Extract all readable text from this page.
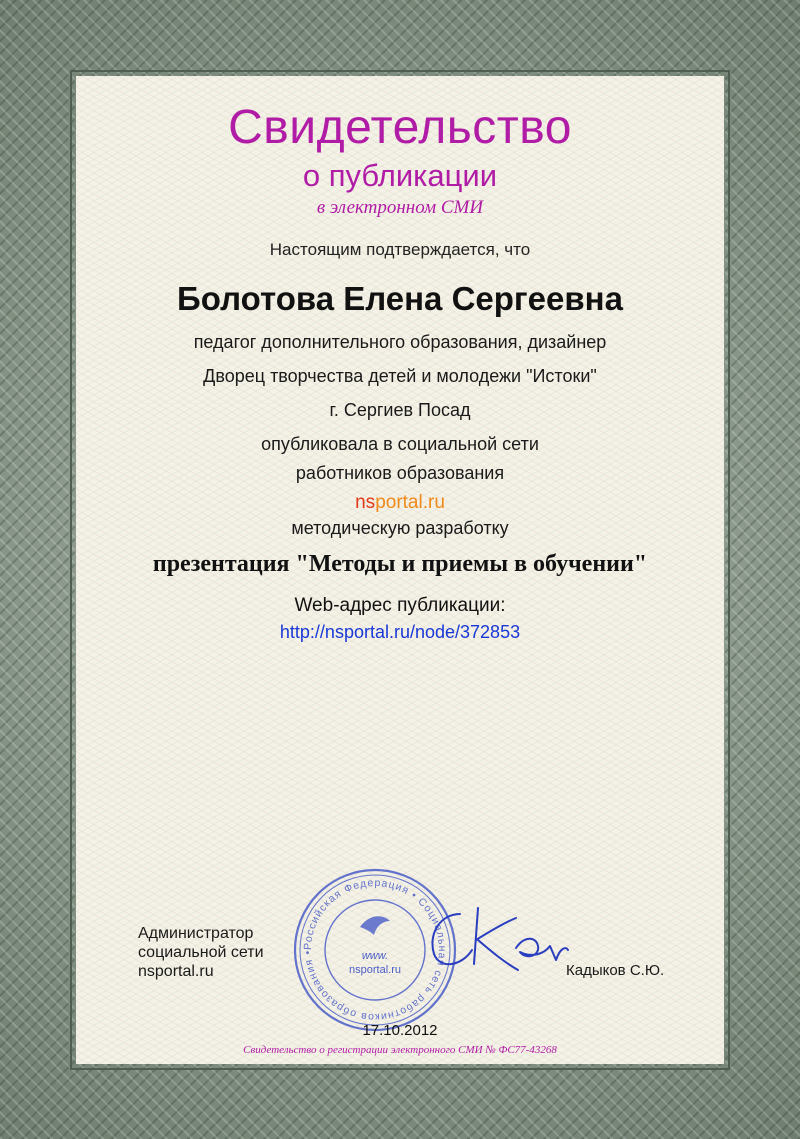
Свидетельство
о публикации
в электронном СМИ
Настоящим подтверждается, что
Болотова Елена Сергеевна
педагог дополнительного образования, дизайнер
Дворец творчества детей и молодежи "Истоки"
г. Сергиев Посад
опубликовала в социальной сети
работников образования
nsportal.ru
методическую разработку
презентация "Методы и приемы в обучении"
Web-адрес публикации:
http://nsportal.ru/node/372853
Администратор
социальной сети
nsportal.ru
Российская Федерация • Социальная сеть работников образования •	www.
nsportal.ru	Кадыков С.Ю.
17.10.2012
Свидетельство о регистрации электронного СМИ № ФС77-43268
